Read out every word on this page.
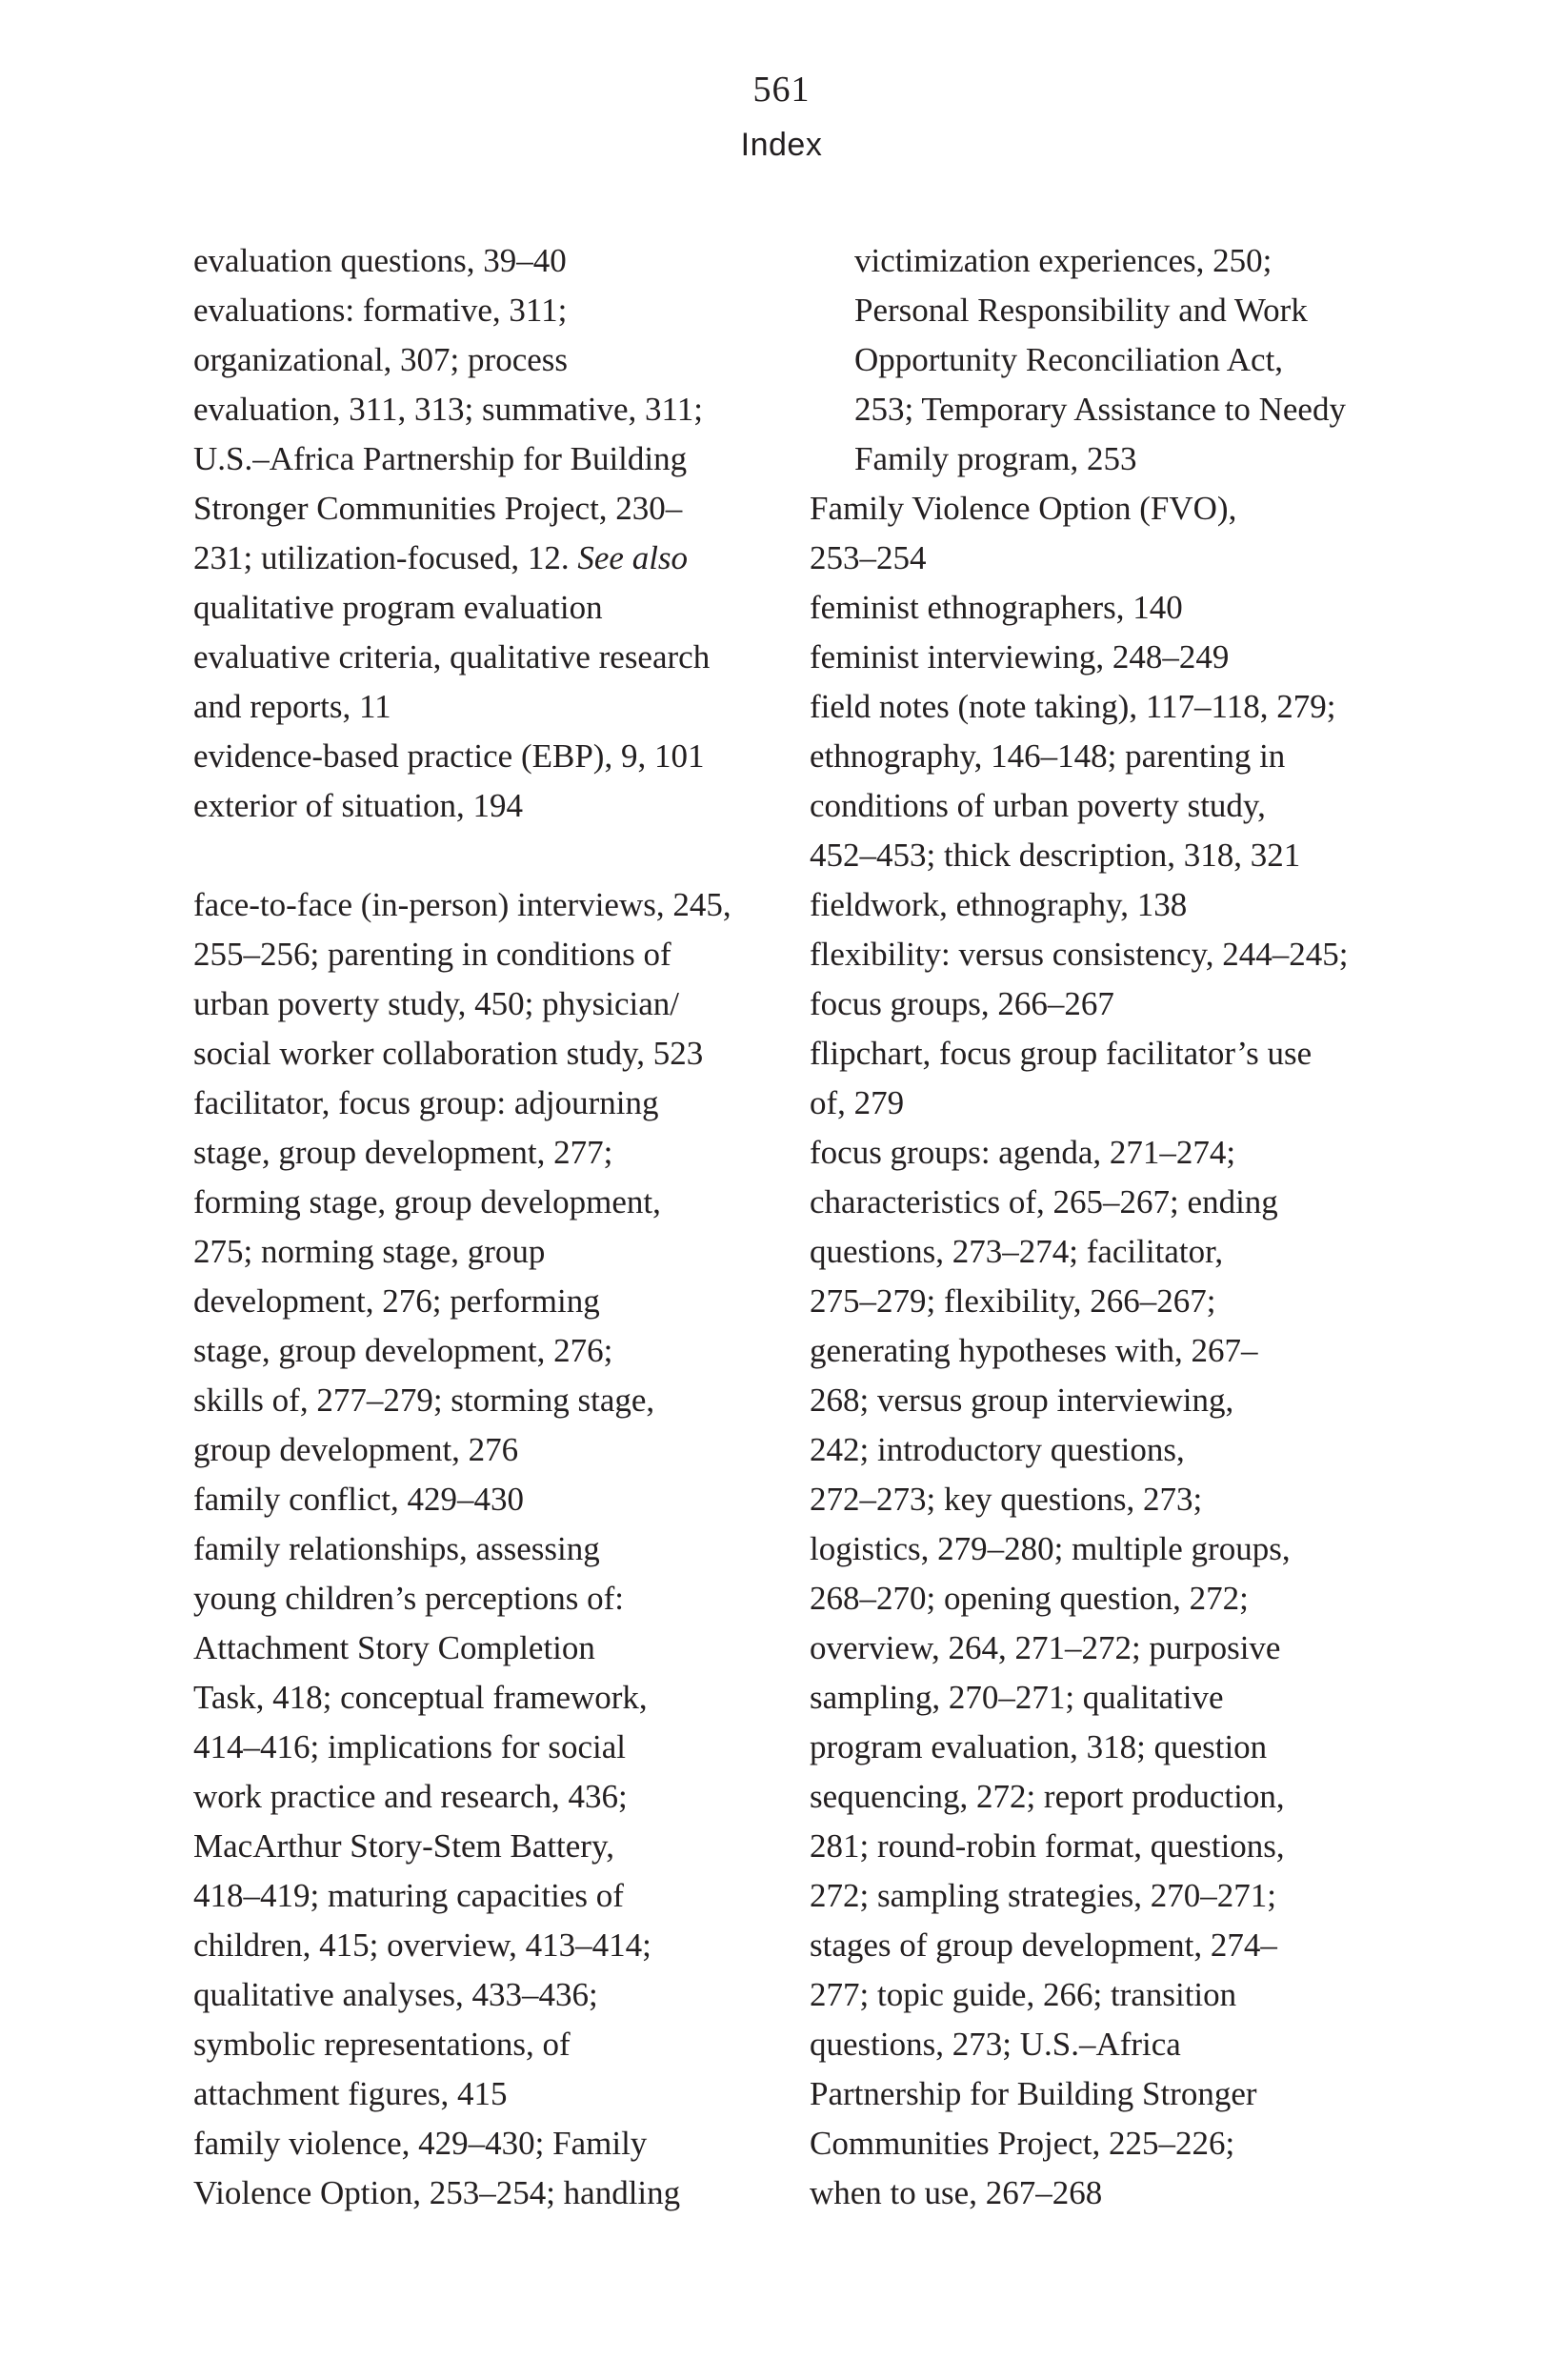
561
Index
evaluation questions, 39–40
evaluations: formative, 311;
organizational, 307; process
evaluation, 311, 313; summative, 311;
U.S.–Africa Partnership for Building
Stronger Communities Project, 230–
231; utilization-focused, 12. See also
qualitative program evaluation
evaluative criteria, qualitative research
and reports, 11
evidence-based practice (EBP), 9, 101
exterior of situation, 194
face-to-face (in-person) interviews, 245,
255–256; parenting in conditions of
urban poverty study, 450; physician/
social worker collaboration study, 523
facilitator, focus group: adjourning
stage, group development, 277;
forming stage, group development,
275; norming stage, group
development, 276; performing
stage, group development, 276;
skills of, 277–279; storming stage,
group development, 276
family conflict, 429–430
family relationships, assessing
young children’s perceptions of:
Attachment Story Completion
Task, 418; conceptual framework,
414–416; implications for social
work practice and research, 436;
MacArthur Story-Stem Battery,
418–419; maturing capacities of
children, 415; overview, 413–414;
qualitative analyses, 433–436;
symbolic representations, of
attachment figures, 415
family violence, 429–430; Family
Violence Option, 253–254; handling
victimization experiences, 250;
Personal Responsibility and Work
Opportunity Reconciliation Act,
253; Temporary Assistance to Needy
Family program, 253
Family Violence Option (FVO),
253–254
feminist ethnographers, 140
feminist interviewing, 248–249
field notes (note taking), 117–118, 279;
ethnography, 146–148; parenting in
conditions of urban poverty study,
452–453; thick description, 318, 321
fieldwork, ethnography, 138
flexibility: versus consistency, 244–245;
focus groups, 266–267
flipchart, focus group facilitator’s use
of, 279
focus groups: agenda, 271–274;
characteristics of, 265–267; ending
questions, 273–274; facilitator,
275–279; flexibility, 266–267;
generating hypotheses with, 267–
268; versus group interviewing,
242; introductory questions,
272–273; key questions, 273;
logistics, 279–280; multiple groups,
268–270; opening question, 272;
overview, 264, 271–272; purposive
sampling, 270–271; qualitative
program evaluation, 318; question
sequencing, 272; report production,
281; round-robin format, questions,
272; sampling strategies, 270–271;
stages of group development, 274–
277; topic guide, 266; transition
questions, 273; U.S.–Africa
Partnership for Building Stronger
Communities Project, 225–226;
when to use, 267–268
